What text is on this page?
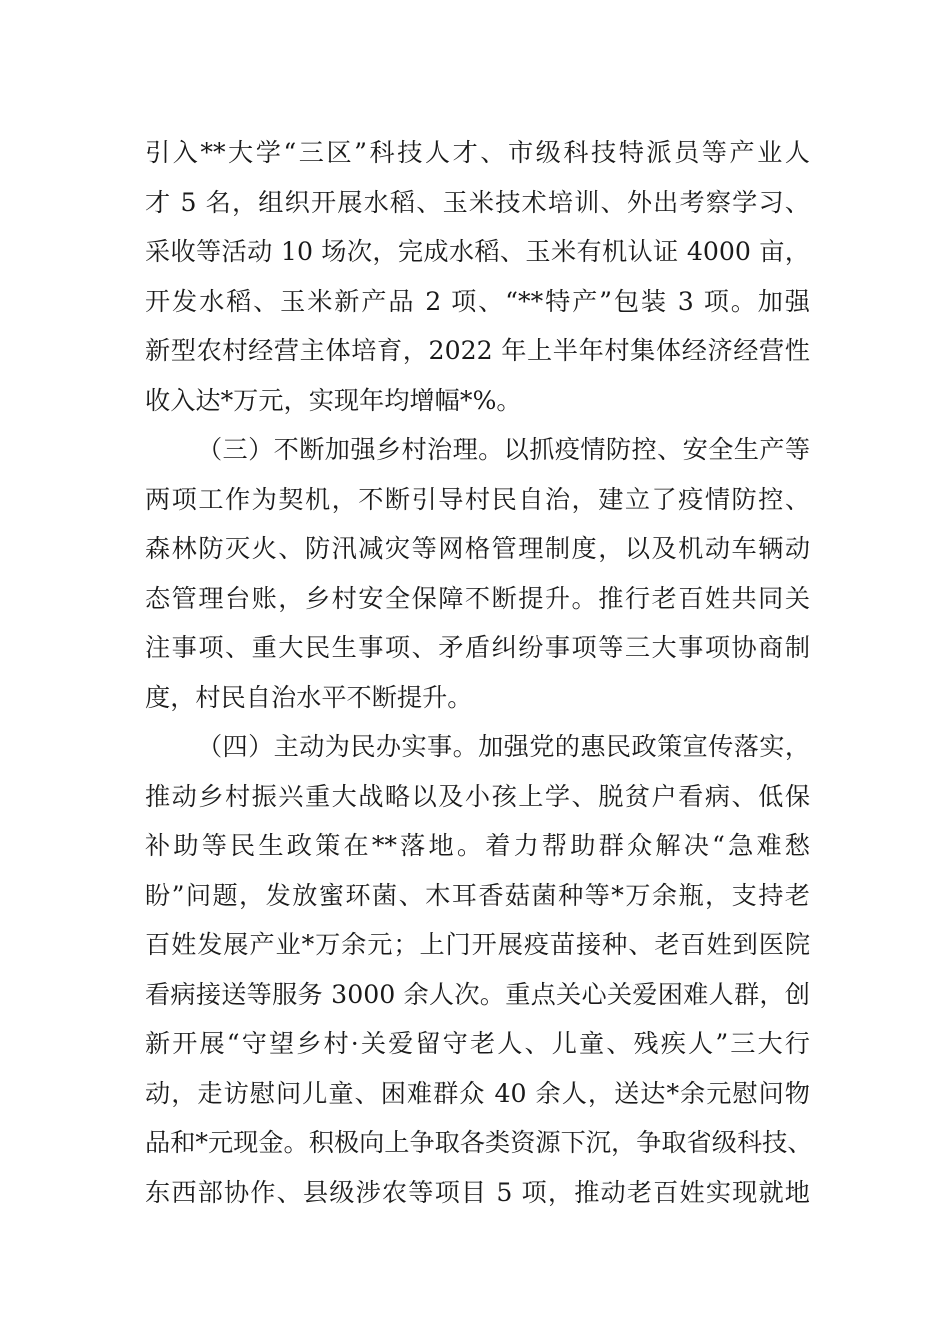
引入**大学“三区”科技人才、市级科技特派员等产业人
才 5 名，组织开展水稻、玉米技术培训、外出考察学习、
采收等活动 10 场次，完成水稻、玉米有机认证 4000 亩，
开发水稻、玉米新产品 2 项、“**特产”包装 3 项。加强
新型农村经营主体培育，2022 年上半年村集体经济经营性
收入达*万元，实现年均增幅*%。

（三）不断加强乡村治理。以抓疫情防控、安全生产等
两项工作为契机，不断引导村民自治，建立了疫情防控、
森林防灭火、防汛减灾等网格管理制度，以及机动车辆动
态管理台账，乡村安全保障不断提升。推行老百姓共同关
注事项、重大民生事项、矛盾纠纷事项等三大事项协商制
度，村民自治水平不断提升。

（四）主动为民办实事。加强党的惠民政策宣传落实，
推动乡村振兴重大战略以及小孩上学、脱贫户看病、低保
补助等民生政策在**落地。着力帮助群众解决“急难愁
盼”问题，发放蜜环菌、木耳香菇菌种等*万余瓶，支持老
百姓发展产业*万余元；上门开展疫苗接种、老百姓到医院
看病接送等服务 3000 余人次。重点关心关爱困难人群，创
新开展“守望乡村·关爱留守老人、儿童、残疾人”三大行
动，走访慰问儿童、困难群众 40 余人，送达*余元慰问物
品和*元现金。积极向上争取各类资源下沉，争取省级科技、
东西部协作、县级涉农等项目 5 项，推动老百姓实现就地
